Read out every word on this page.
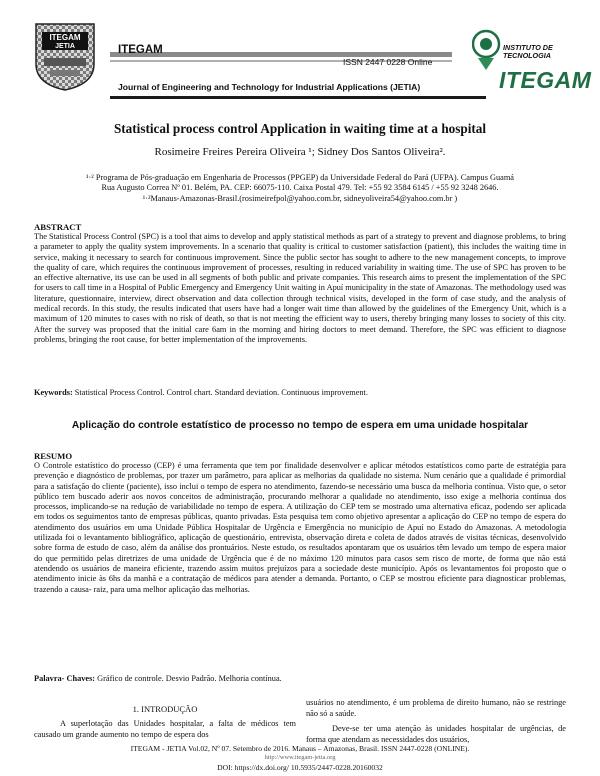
ITEGAM
JETIA	ITEGAM
ISSN 2447 0228 Online
Journal of Engineering and Technology for Industrial Applications (JETIA)
INSTITUTO DE
TECNOLOGIA
ITEGAM
Statistical process control Application in waiting time at a hospital
Rosimeire Freires Pereira Oliveira ¹; Sidney Dos Santos Oliveira².
¹·² Programa de Pós-graduação em Engenharia de Processos (PPGEP) da Universidade Federal do Pará (UFPA). Campus Guamá
Rua Augusto Correa Nº 01. Belém, PA. CEP: 66075-110. Caixa Postal 479. Tel: +55 92 3584 6145 / +55 92 3248 2646.
¹·²Manaus-Amazonas-Brasil.(rosimeirefpol@yahoo.com.br, sidneyoliveira54@yahoo.com.br )
ABSTRACT
The Statistical Process Control (SPC) is a tool that aims to develop and apply statistical methods as part of a strategy to prevent and diagnose problems, to bring a parameter to apply the quality system improvements. In a scenario that quality is critical to customer satisfaction (patient), this includes the waiting time in service, making it necessary to search for continuous improvement. Since the public sector has sought to adhere to the new management concepts, to improve the quality of care, which requires the continuous improvement of processes, resulting in reduced variability in waiting time. The use of SPC has proven to be an effective alternative, its use can be used in all segments of both public and private companies. This research aims to present the implementation of the SPC for users to call time in a Hospital of Public Emergency and Emergency Unit waiting in Apuí municipality in the state of Amazonas. The methodology used was literature, questionnaire, interview, direct observation and data collection through technical visits, developed in the form of case study, and the analysis of medical records. In this study, the results indicated that users have had a longer wait time than allowed by the guidelines of the Emergency Unit, which is a maximum of 120 minutes to cases with no risk of death, so that is not meeting the efficient way to users, thereby bringing many losses to society of this city. After the survey was proposed that the initial care 6am in the morning and hiring doctors to meet demand. Therefore, the SPC was efficient to diagnose problems, bringing the root cause, for better implementation of the improvements.
Keywords: Statistical Process Control. Control chart. Standard deviation. Continuous improvement.
Aplicação do controle estatístico de processo no tempo de espera em uma unidade hospitalar
RESUMO
O Controle estatístico do processo (CEP) é uma ferramenta que tem por finalidade desenvolver e aplicar métodos estatísticos como parte de estratégia para prevenção e diagnóstico de problemas, por trazer um parâmetro, para aplicar as melhorias da qualidade no sistema. Num cenário que a qualidade é primordial para a satisfação do cliente (paciente), isso inclui o tempo de espera no atendimento, fazendo-se necessário uma busca da melhoria contínua. Visto que, o setor público tem buscado aderir aos novos conceitos de administração, procurando melhorar a qualidade no atendimento, isso exige a melhoria contínua dos processos, implicando-se na redução de variabilidade no tempo de espera. A utilização do CEP tem se mostrado uma alternativa eficaz, podendo ser aplicada em todos os seguimentos tanto de empresas públicas, quanto privadas. Esta pesquisa tem como objetivo apresentar a aplicação do CEP no tempo de espera do atendimento dos usuários em uma Unidade Pública Hospitalar de Urgência e Emergência no município de Apuí no Estado do Amazonas. A metodologia utilizada foi o levantamento bibliográfico, aplicação de questionário, entrevista, observação direta e coleta de dados através de visitas técnicas, desenvolvido sobre forma de estudo de caso, além da análise dos prontuários. Neste estudo, os resultados apontaram que os usuários têm levado um tempo de espera maior do que permitido pelas diretrizes de uma unidade de Urgência que é de no máximo 120 minutos para casos sem risco de morte, de forma que não está atendendo os usuários de maneira eficiente, trazendo assim muitos prejuízos para a sociedade deste município. Após os levantamentos foi proposto que o atendimento inicie às 6hs da manhã e a contratação de médicos para atender a demanda. Portanto, o CEP se mostrou eficiente para diagnosticar problemas, trazendo a causa- raiz, para uma melhor aplicação das melhorias.
Palavra- Chaves: Gráfico de controle. Desvio Padrão. Melhoria contínua.
1. INTRODUÇÃO
A superlotação das Unidades hospitalar, a falta de médicos tem causado um grande aumento no tempo de espera dos
usuários no atendimento, é um problema de direito humano, não se restringe não só a saúde.
Deve-se ter uma atenção às unidades hospitalar de urgências, de forma que atendam as necessidades dos usuários,
ITEGAM - JETIA Vol.02, Nº 07. Setembro de 2016. Manaus – Amazonas, Brasil. ISSN 2447-0228 (ONLINE).
http://www.itegam-jetia.org
DOI: https://dx.doi.org/ 10.5935/2447-0228.20160032
